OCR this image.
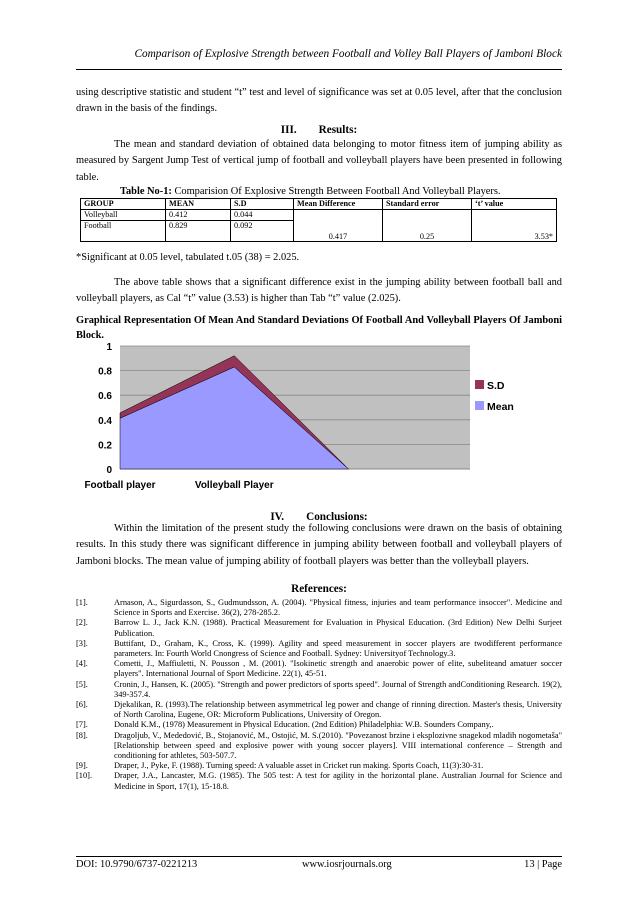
Comparison of Explosive Strength between Football and Volley Ball Players of Jamboni Block

using descriptive statistic and student “t” test and level of significance was set at 0.05 level, after that the conclusion drawn in the basis of the findings.

III. Results:

The mean and standard deviation of obtained data belonging to motor fitness item of jumping ability as measured by Sargent Jump Test of vertical jump of football and volleyball players have been presented in following table.

Table No-1: Comparision Of Explosive Strength Between Football And Volleyball Players.
GROUP	MEAN	S.D	Mean Difference	Standard error	‘t’ value
Volleyball	0.412	0.044	0.417	0.25	3.53*
Football	0.829	0.092			

*Significant at 0.05 level, tabulated t.05 (38) = 2.025.

The above table shows that a significant difference exist in the jumping ability between football ball and volleyball players, as Cal “t” value (3.53) is higher than Tab “t” value (2.025).

Graphical Representation Of Mean And Standard Deviations Of Football And Volleyball Players Of Jamboni Block.
0
0.2
0.4
0.6
0.8
1
Football player	Volleyball Player
S.D
Mean
IV. Conclusions:

Within the limitation of the present study the following conclusions were drawn on the basis of obtaining results. In this study there was significant difference in jumping ability between football and volleyball players of Jamboni blocks. The mean value of jumping ability of football players was better than the volleyball players.

References:
[1].	Arnason, A., Sigurdasson, S., Gudmundsson, A. (2004). "Physical fitness, injuries and team performance insoccer". Medicine and Science in Sports and Exercise. 36(2), 278-285.2.
[2].	Barrow L. J., Jack K.N. (1988). Practical Measurement for Evaluation in Physical Education. (3rd Edition) New Delhi Surjeet Publication.
[3].	Buttifant, D., Graham, K., Cross, K. (1999). Agility and speed measurement in soccer players are twodifferent performance parameters. In: Fourth World Cnongress of Science and Football. Sydney: Universityof Technology.3.
[4].	Cometti, J., Maffiuletti, N. Pousson , M. (2001). "Isokinetic strength and anaerobic power of elite, subeliteand amatuer soccer players". International Journal of Sport Medicine. 22(1), 45-51.
[5].	Cronin, J., Hansen, K. (2005). "Strength and power predictors of sports speed". Journal of Strength andConditioning Research. 19(2), 349-357.4.
[6].	Djekalikan, R. (1993).The relationship between asymmetrical leg power and change of rinning direction. Master's thesis, University of North Carolina, Eugene, OR: Microform Publications, University of Oregon.
[7].	Donald K.M., (1978) Measurement in Physical Education. (2nd Edition) Philadelphia: W.B. Sounders Company,.
[8].	Dragoljub, V., Mededović, B., Stojanović, M., Ostojić, M. S.(2010). "Povezanost brzine i eksplozivne snagekod mladih nogometaša" [Relationship between speed and explosive power with young soccer players]. VIII international conference – Strength and conditioning for athletes, 503-507.7.
[9].	Draper, J., Pyke, F. (1988). Turning speed: A valuable asset in Cricket run making. Sports Coach, 11(3):30-31.
[10].	Draper, J.A., Lancaster, M.G. (1985). The 505 test: A test for agility in the horizontal plane. Australian Journal for Science and Medicine in Sport, 17(1), 15-18.8.
DOI: 10.9790/6737-0221213	www.iosrjournals.org	13 | Page
